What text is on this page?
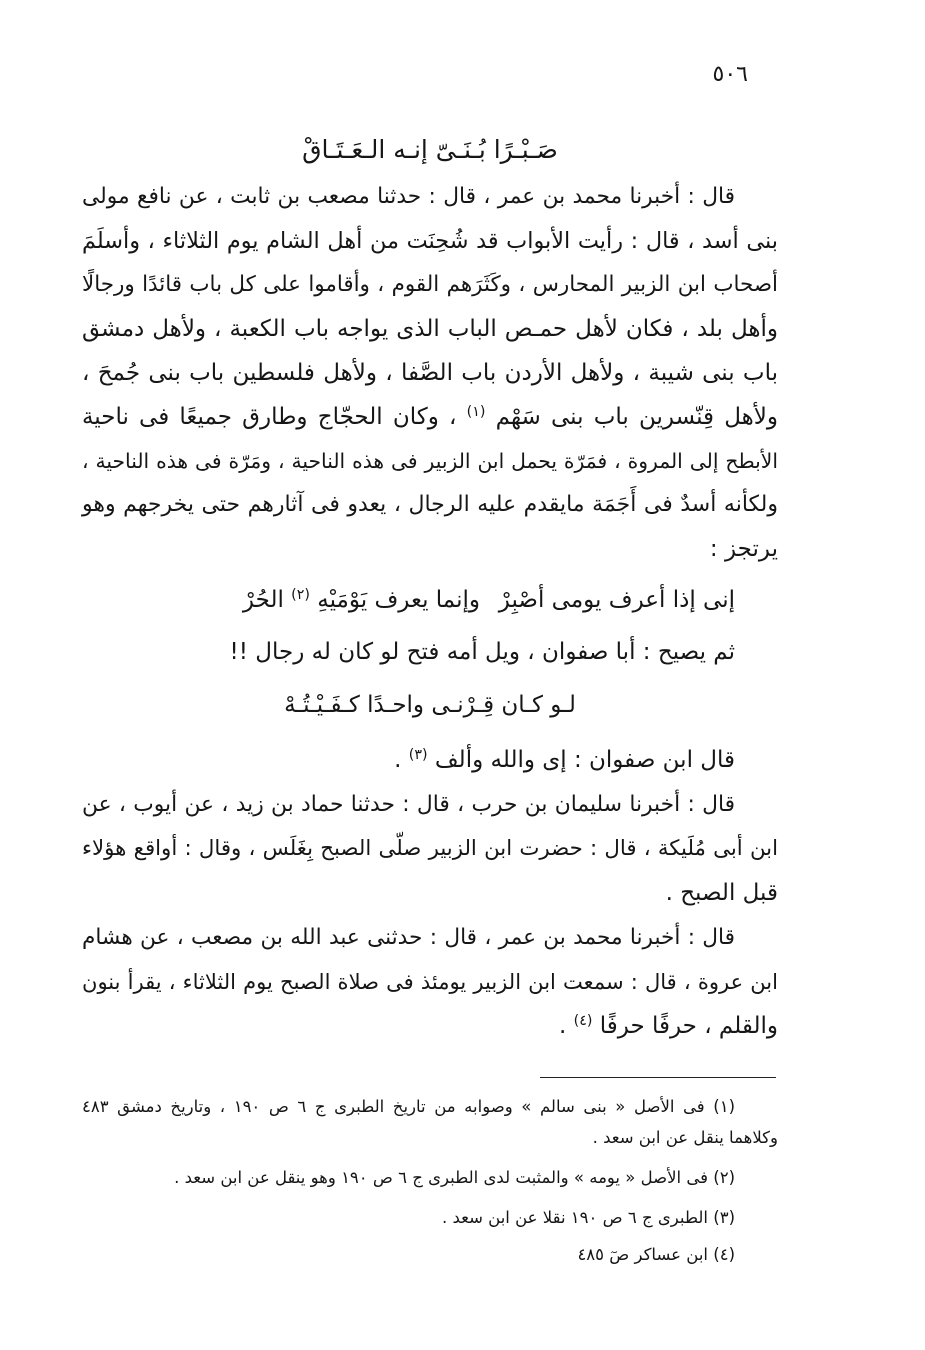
٥٠٦
صَـبْـرًا بُـنَـىّ إنـه الـعَـتَـاقْ
قال : أخبرنا محمد بن عمر ، قال : حدثنا مصعب بن ثابت ، عن نافع مولى
بنى أسد ، قال : رأيت الأبواب قد شُحِنَت من أهل الشام يوم الثلاثاء ، وأسلَمَ
أصحاب ابن الزبير المحارس ، وكَثَرَهم القوم ، وأقاموا على كل باب قائدًا ورجالًا
وأهل بلد ، فكان لأهل حمـص الباب الذى يواجه باب الكعبة ، ولأهل دمشق
باب بنى شيبة ، ولأهل الأردن باب الصَّفا ، ولأهل فلسطين باب بنى جُمحَ ،
ولأهل قِنّسرين باب بنى سَهْم $^{(١)}$ ، وكان الحجّاج وطارق جميعًا فى ناحية
الأبطح إلى المروة ، فمَرّة يحمل ابن الزبير فى هذه الناحية ، ومَرّة فى هذه الناحية ،
ولكأنه أسدٌ فى أَجَمَة مايقدم عليه الرجال ، يعدو فى آثارهم حتى يخرجهم وهو
يرتجز :
إنى إذا أعرف يومى أصْبِرْ
وإنما يعرف يَوْمَيْهِ $^{(٢)}$ الحُرْ
ثم يصيح : أبا صفوان ، ويل أمه فتح لو كان له رجال !!
لـو كـان قِـرْنـى واحـدًا كـفَـيْـتُـهْ
قال ابن صفوان : إى والله وألف $^{(٣)}$ .
قال : أخبرنا سليمان بن حرب ، قال : حدثنا حماد بن زيد ، عن أيوب ، عن
ابن أبى مُلَيكة ، قال : حضرت ابن الزبير صلّى الصبح بِغَلَس ، وقال : أواقع هؤلاء
قبل الصبح .
قال : أخبرنا محمد بن عمر ، قال : حدثنى عبد الله بن مصعب ، عن هشام
ابن عروة ، قال : سمعت ابن الزبير يومئذ فى صلاة الصبح يوم الثلاثاء ، يقرأ بنون
والقلم ، حرفًا حرفًا $^{(٤)}$ .
(١) فى الأصل « بنى سالم » وصوابه من تاريخ الطبرى ج ٦ ص ١٩٠ ، وتاريخ دمشق ٤٨٣
وكلاهما ينقل عن ابن سعد .
(٢) فى الأصل « يومه » والمثبت لدى الطبرى ج ٦ ص ١٩٠ وهو ينقل عن ابن سعد .
(٣) الطبرى ج ٦ ص ١٩٠ نقلا عن ابن سعد .
(٤) ابن عساكر صٓ ٤٨٥
